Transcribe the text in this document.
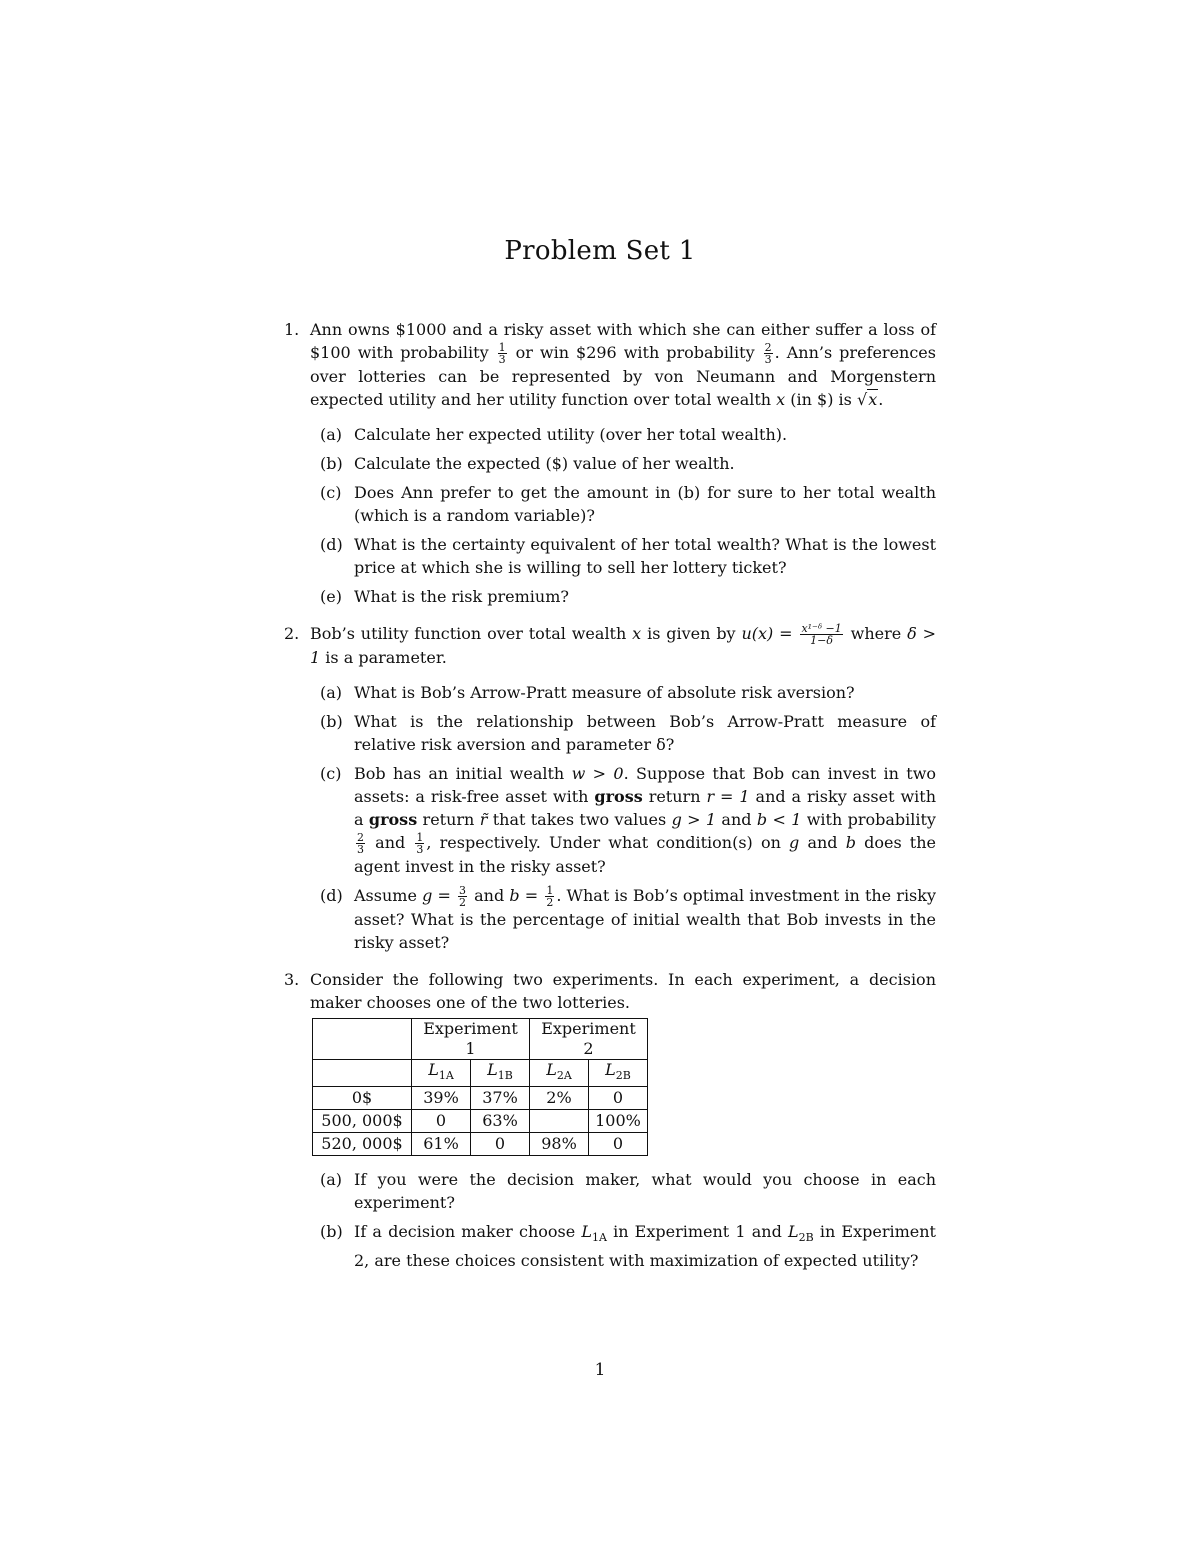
Problem Set 1
1. Ann owns $1000 and a risky asset with which she can either suffer a loss of $100 with probability $\frac{1}{3}$ or win $296 with probability $\frac{2}{3}$ . Ann’s preferences over lotteries can be represented by von Neumann and Morgenstern expected utility and her utility function over total wealth x (in $) is √x.
(a) Calculate her expected utility (over her total wealth).
(b) Calculate the expected ($) value of her wealth.
(c) Does Ann prefer to get the amount in (b) for sure to her total wealth (which is a random variable)?
(d) What is the certainty equivalent of her total wealth? What is the lowest price at which she is willing to sell her lottery ticket?
(e) What is the risk premium?
2. Bob’s utility function over total wealth x is given by $u(x) = \frac{\text{x¹⁻ᵟ −1}}{1-\delta}$ where δ > 1 is a parameter.
(a) What is Bob’s Arrow-Pratt measure of absolute risk aversion?
(b) What is the relationship between Bob’s Arrow-Pratt measure of relative risk aversion and parameter δ?
(c) Bob has an initial wealth w > 0. Suppose that Bob can invest in two assets: a risk-free asset with gross return r = 1 and a risky asset with a gross return r̃ that takes two values g > 1 and b < 1 with probability
$\frac{2}{3}$ and $\frac{1}{3}$ , respectively. Under what condition(s) on g and b does the agent invest in the risky asset?
(d) Assume $g = \frac{3}{2}$ and $b = \frac{1}{2}$ . What is Bob’s optimal investment in the risky asset? What is the percentage of initial wealth that Bob invests in the risky asset?
3. Consider the following two experiments. In each experiment, a decision maker chooses one of the two lotteries.
	Experiment 1		Experiment 2	
	$L_{1A}$	$L_{1B}$	$L_{2A}$	$L_{2B}$
0$	39%	37%	2%	0
500, 000$	0	63%		100%
520, 000$	61%	0	98%	0
(a) If you were the decision maker, what would you choose in each experiment?
(b) If a decision maker choose $L_{1A}$ in Experiment 1 and $L_{2B}$ in Experiment 2, are these choices consistent with maximization of expected utility?
1
